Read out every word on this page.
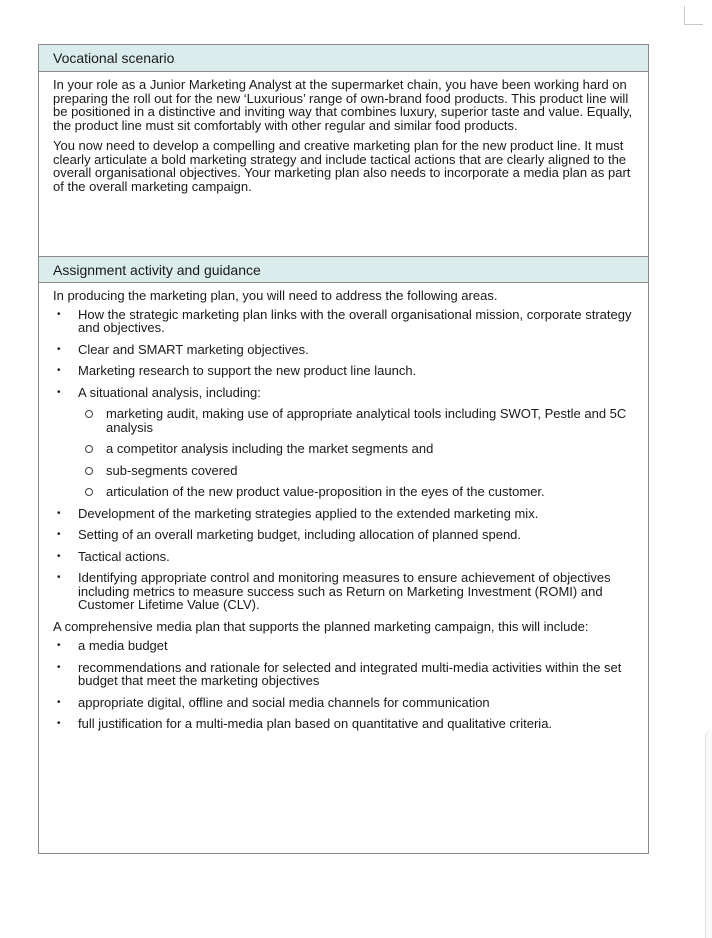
Vocational scenario

In your role as a Junior Marketing Analyst at the supermarket chain, you have been working hard on preparing the roll out for the new ‘Luxurious’ range of own-brand food products. This product line will be positioned in a distinctive and inviting way that combines luxury, superior taste and value. Equally, the product line must sit comfortably with other regular and similar food products.

You now need to develop a compelling and creative marketing plan for the new product line. It must clearly articulate a bold marketing strategy and include tactical actions that are clearly aligned to the overall organisational objectives. Your marketing plan also needs to incorporate a media plan as part of the overall marketing campaign.

Assignment activity and guidance

In producing the marketing plan, you will need to address the following areas.

• How the strategic marketing plan links with the overall organisational mission, corporate strategy and objectives.
• Clear and SMART marketing objectives.
• Marketing research to support the new product line launch.
• A situational analysis, including:
marketing audit, making use of appropriate analytical tools including SWOT, Pestle and 5C analysis
a competitor analysis including the market segments and
sub-segments covered
articulation of the new product value-proposition in the eyes of the customer.
• Development of the marketing strategies applied to the extended marketing mix.
• Setting of an overall marketing budget, including allocation of planned spend.
• Tactical actions.
• Identifying appropriate control and monitoring measures to ensure achievement of objectives including metrics to measure success such as Return on Marketing Investment (ROMI) and Customer Lifetime Value (CLV).

A comprehensive media plan that supports the planned marketing campaign, this will include:

• a media budget
• recommendations and rationale for selected and integrated multi-media activities within the set budget that meet the marketing objectives
• appropriate digital, offline and social media channels for communication
• full justification for a multi-media plan based on quantitative and qualitative criteria.
